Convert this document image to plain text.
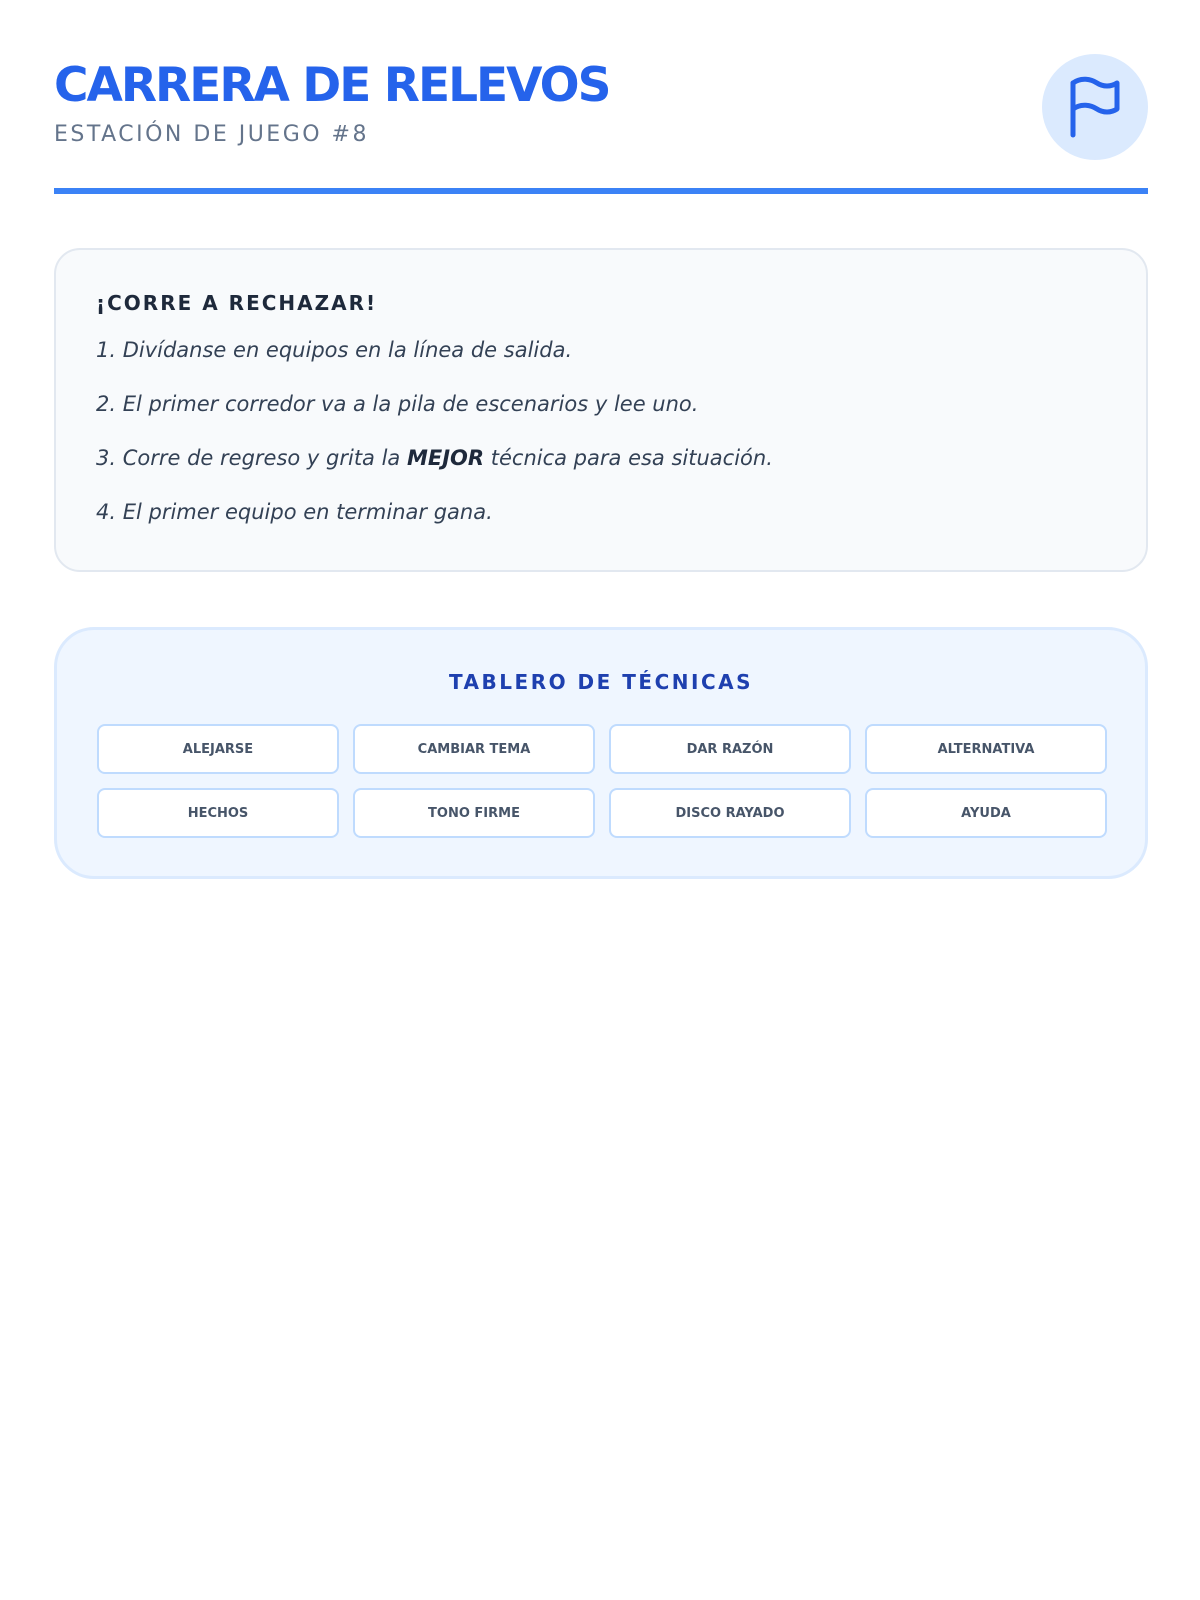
CARRERA DE RELEVOS
ESTACIÓN DE JUEGO #8
¡CORRE A RECHAZAR!

1. Divídanse en equipos en la línea de salida.

2. El primer corredor va a la pila de escenarios y lee uno.

3. Corre de regreso y grita la MEJOR técnica para esa situación.

4. El primer equipo en terminar gana.

TABLERO DE TÉCNICAS
ALEJARSE	CAMBIAR TEMA	DAR RAZÓN	ALTERNATIVA
HECHOS	TONO FIRME	DISCO RAYADO	AYUDA
